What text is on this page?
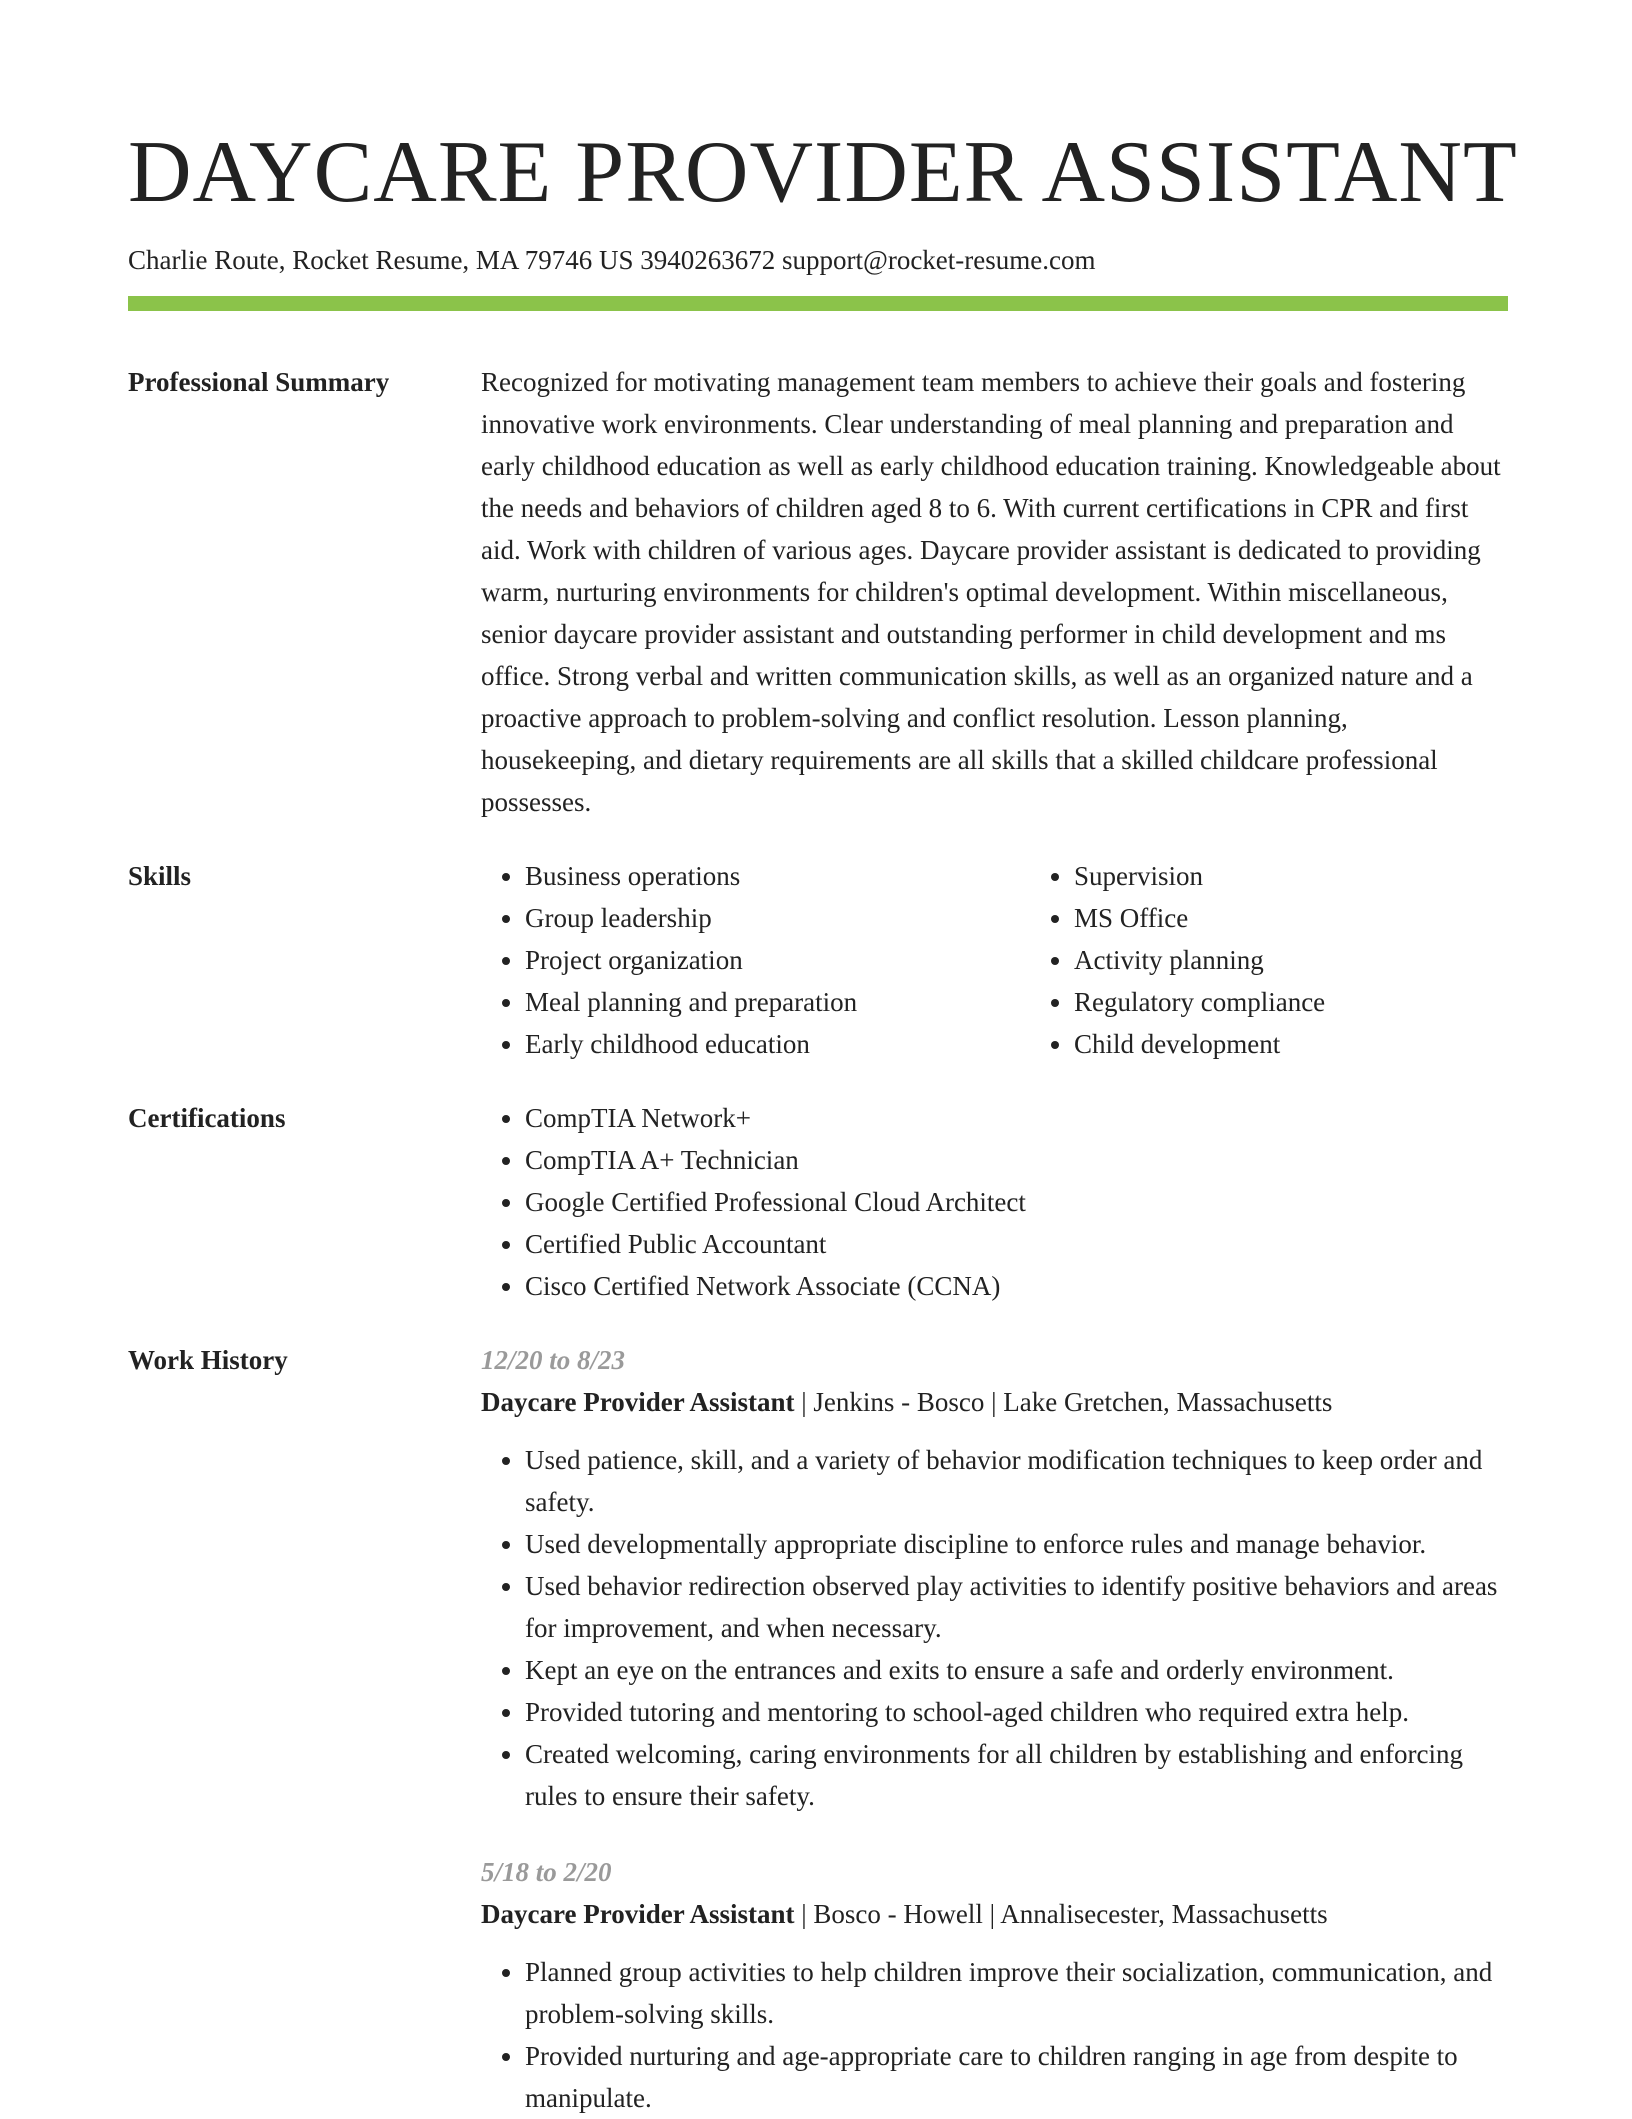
DAYCARE PROVIDER ASSISTANT
Charlie Route, Rocket Resume, MA 79746 US 3940263672 support@rocket-resume.com
Professional Summary	Recognized for motivating management team members to achieve their goals and fostering innovative work environments. Clear understanding of meal planning and preparation and early childhood education as well as early childhood education training. Knowledgeable about the needs and behaviors of children aged 8 to 6. With current certifications in CPR and first aid. Work with children of various ages. Daycare provider assistant is dedicated to providing warm, nurturing environments for children's optimal development. Within miscellaneous, senior daycare provider assistant and outstanding performer in child development and ms office. Strong verbal and written communication skills, as well as an organized nature and a proactive approach to problem-solving and conflict resolution. Lesson planning, housekeeping, and dietary requirements are all skills that a skilled childcare professional possesses.

Skills	• Business operations
• Group leadership
• Project organization
• Meal planning and preparation
• Early childhood education
• Supervision
• MS Office
• Activity planning
• Regulatory compliance
• Child development
Certifications	• CompTIA Network+
• CompTIA A+ Technician
• Google Certified Professional Cloud Architect
• Certified Public Accountant
• Cisco Certified Network Associate (CCNA)
Work History	12/20 to 8/23
Daycare Provider Assistant | Jenkins - Bosco | Lake Gretchen, Massachusetts
• Used patience, skill, and a variety of behavior modification techniques to keep order and safety.
• Used developmentally appropriate discipline to enforce rules and manage behavior.
• Used behavior redirection observed play activities to identify positive behaviors and areas for improvement, and when necessary.
• Kept an eye on the entrances and exits to ensure a safe and orderly environment.
• Provided tutoring and mentoring to school-aged children who required extra help.
• Created welcoming, caring environments for all children by establishing and enforcing rules to ensure their safety.
5/18 to 2/20
Daycare Provider Assistant | Bosco - Howell | Annalisecester, Massachusetts
• Planned group activities to help children improve their socialization, communication, and problem-solving skills.
• Provided nurturing and age-appropriate care to children ranging in age from despite to manipulate.
